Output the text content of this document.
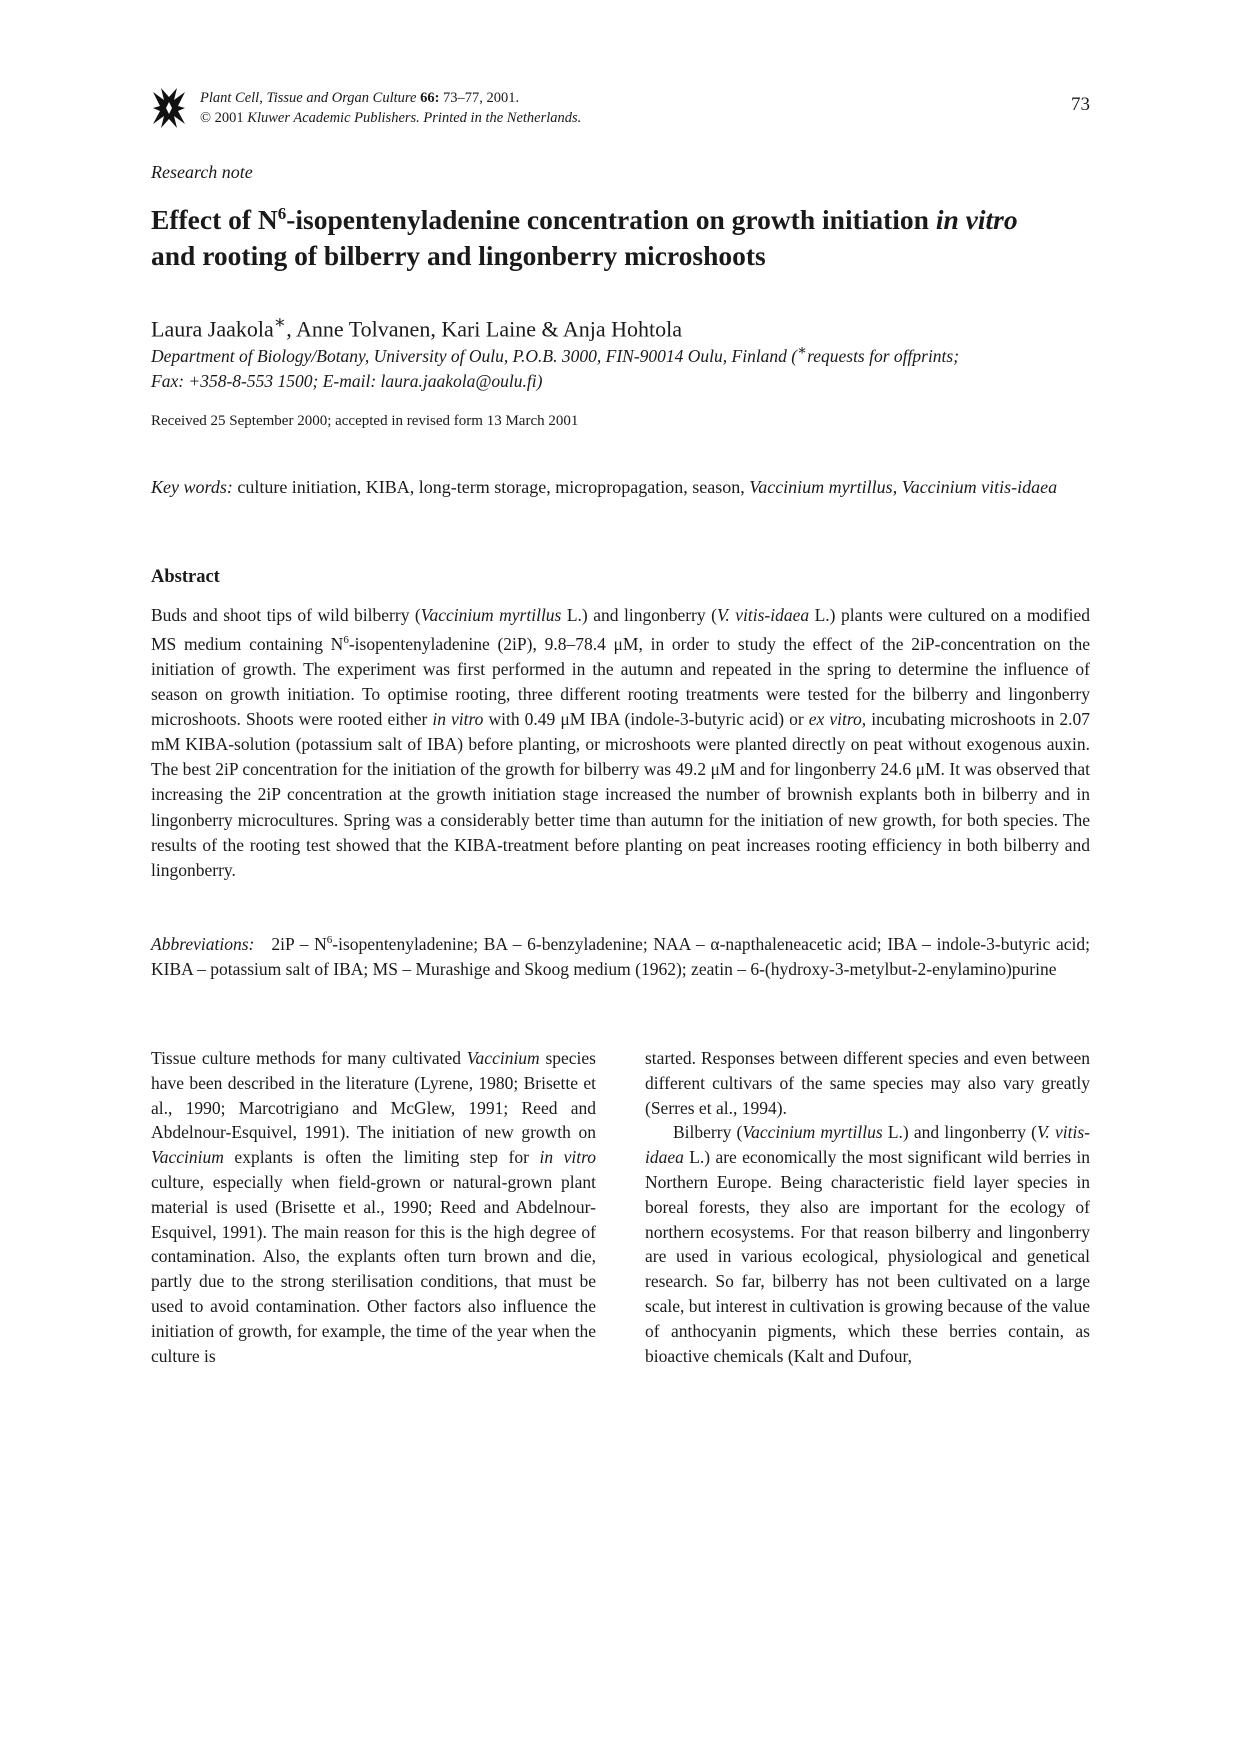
Plant Cell, Tissue and Organ Culture 66: 73–77, 2001.
© 2001 Kluwer Academic Publishers. Printed in the Netherlands.
73
Research note
Effect of $N^6$-isopentenyladenine concentration on growth initiation in vitro
and rooting of bilberry and lingonberry microshoots
Laura Jaakola∗, Anne Tolvanen, Kari Laine & Anja Hohtola
Department of Biology/Botany, University of Oulu, P.O.B. 3000, FIN-90014 Oulu, Finland (∗requests for offprints;
Fax: +358-8-553 1500; E-mail: laura.jaakola@oulu.fi)
Received 25 September 2000; accepted in revised form 13 March 2001
Key words: culture initiation, KIBA, long-term storage, micropropagation, season, Vaccinium myrtillus, Vaccinium vitis-idaea
Abstract
Buds and shoot tips of wild bilberry (Vaccinium myrtillus L.) and lingonberry (V. vitis-idaea L.) plants were cultured on a modified MS medium containing $N^6$-isopentenyladenine (2iP), 9.8–78.4 μM, in order to study the effect of the 2iP-concentration on the initiation of growth. The experiment was first performed in the autumn and repeated in the spring to determine the influence of season on growth initiation. To optimise rooting, three different rooting treatments were tested for the bilberry and lingonberry microshoots. Shoots were rooted either in vitro with 0.49 μM IBA (indole-3-butyric acid) or ex vitro, incubating microshoots in 2.07 mM KIBA-solution (potassium salt of IBA) before planting, or microshoots were planted directly on peat without exogenous auxin. The best 2iP concentration for the initiation of the growth for bilberry was 49.2 μM and for lingonberry 24.6 μM. It was observed that increasing the 2iP concentration at the growth initiation stage increased the number of brownish explants both in bilberry and in lingonberry microcultures. Spring was a considerably better time than autumn for the initiation of new growth, for both species. The results of the rooting test showed that the KIBA-treatment before planting on peat increases rooting efficiency in both bilberry and lingonberry.
Abbreviations:   $2iP - N^6$-isopentenyladenine; BA – 6-benzyladenine; NAA – α-napthaleneacetic acid; IBA – indole-3-butyric acid; KIBA – potassium salt of IBA; MS – Murashige and Skoog medium (1962); zeatin – 6-(hydroxy-3-metylbut-2-enylamino)purine

Tissue culture methods for many cultivated Vaccinium species have been described in the literature (Lyrene, 1980; Brisette et al., 1990; Marcotrigiano and McGlew, 1991; Reed and Abdelnour-Esquivel, 1991). The initiation of new growth on Vaccinium explants is often the limiting step for in vitro culture, especially when field-grown or natural-grown plant material is used (Brisette et al., 1990; Reed and Abdelnour-Esquivel, 1991). The main reason for this is the high degree of contamination. Also, the explants often turn brown and die, partly due to the strong sterilisation conditions, that must be used to avoid contamination. Other factors also influence the initiation of growth, for example, the time of the year when the culture is

started. Responses between different species and even between different cultivars of the same species may also vary greatly (Serres et al., 1994).

Bilberry (Vaccinium myrtillus L.) and lingonberry (V. vitis-idaea L.) are economically the most significant wild berries in Northern Europe. Being characteristic field layer species in boreal forests, they also are important for the ecology of northern ecosystems. For that reason bilberry and lingonberry are used in various ecological, physiological and genetical research. So far, bilberry has not been cultivated on a large scale, but interest in cultivation is growing because of the value of anthocyanin pigments, which these berries contain, as bioactive chemicals (Kalt and Dufour,
